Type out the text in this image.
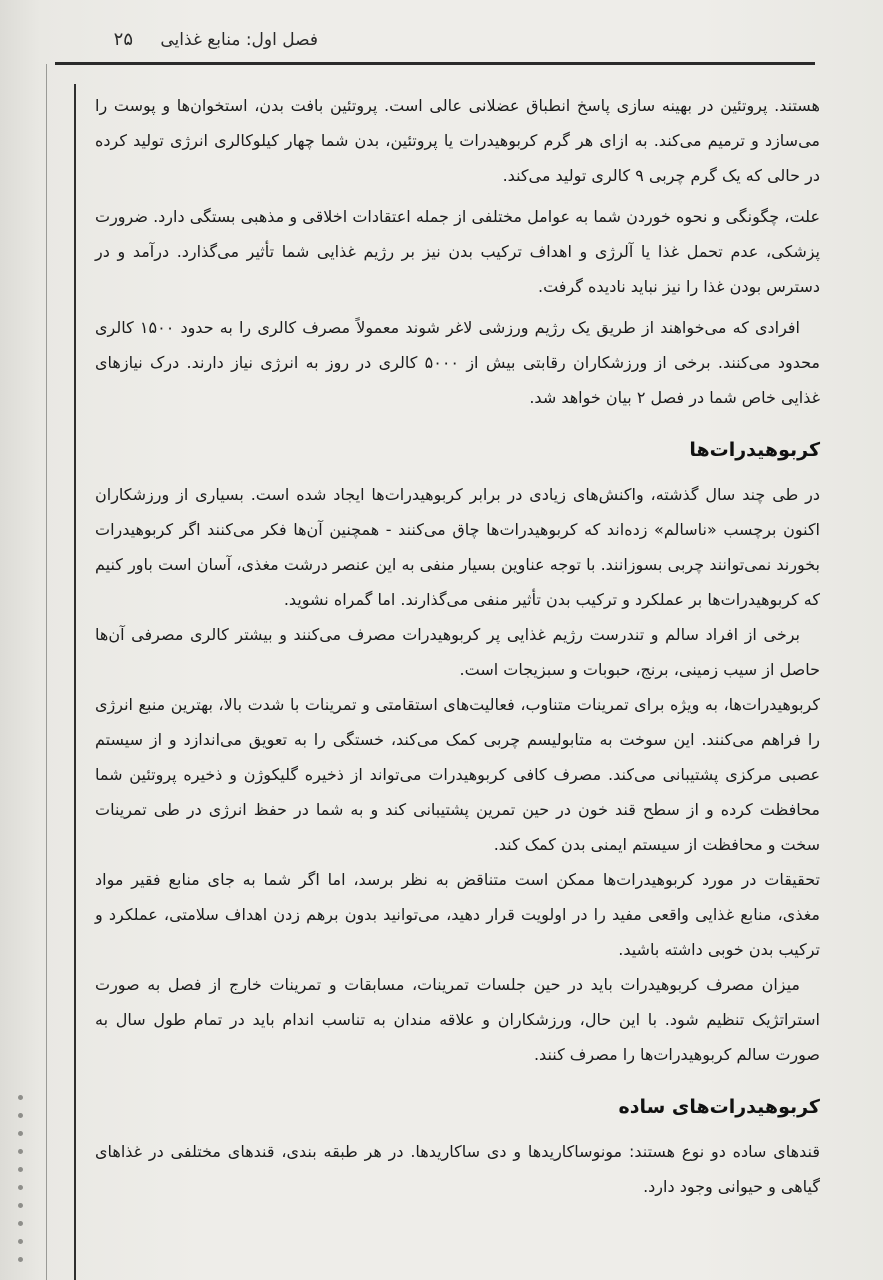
فصل اول: منابع غذایی
۲۵

هستند. پروتئین در بهینه سازی پاسخ انطباق عضلانی عالی است. پروتئین بافت بدن، استخوان‌ها و پوست را می‌سازد و ترمیم می‌کند. به ازای هر گرم کربوهیدرات یا پروتئین، بدن شما چهار کیلوکالری انرژی تولید کرده در حالی که یک گرم چربی ۹ کالری تولید می‌کند.

علت، چگونگی و نحوه خوردن شما به عوامل مختلفی از جمله اعتقادات اخلاقی و مذهبی بستگی دارد. ضرورت پزشکی، عدم تحمل غذا یا آلرژی و اهداف ترکیب بدن نیز بر رژیم غذایی شما تأثیر می‌گذارد. درآمد و در دسترس بودن غذا را نیز نباید نادیده گرفت.

افرادی که می‌خواهند از طریق یک رژیم ورزشی لاغر شوند معمولاً مصرف کالری را به حدود ۱۵۰۰ کالری محدود می‌کنند. برخی از ورزشکاران رقابتی بیش از ۵۰۰۰ کالری در روز به انرژی نیاز دارند. درک نیازهای غذایی خاص شما در فصل ۲ بیان خواهد شد.

کربوهیدرات‌ها

در طی چند سال گذشته، واکنش‌های زیادی در برابر کربوهیدرات‌ها ایجاد شده است. بسیاری از ورزشکاران اکنون برچسب «ناسالم» زده‌اند که کربوهیدرات‌ها چاق می‌کنند - همچنین آن‌ها فکر می‌کنند اگر کربوهیدرات بخورند نمی‌توانند چربی بسوزانند. با توجه عناوین بسیار منفی به این عنصر درشت مغذی، آسان است باور کنیم که کربوهیدرات‌ها بر عملکرد و ترکیب بدن تأثیر منفی می‌گذارند. اما گمراه نشوید.

برخی از افراد سالم و تندرست رژیم غذایی پر کربوهیدرات مصرف می‌کنند و بیشتر کالری مصرفی آن‌ها حاصل از سیب زمینی، برنج، حبوبات و سبزیجات است.

کربوهیدرات‌ها، به ویژه برای تمرینات متناوب، فعالیت‌های استقامتی و تمرینات با شدت بالا، بهترین منبع انرژی را فراهم می‌کنند. این سوخت به متابولیسم چربی کمک می‌کند، خستگی را به تعویق می‌اندازد و از سیستم عصبی مرکزی پشتیبانی می‌کند. مصرف کافی کربوهیدرات می‌تواند از ذخیره گلیکوژن و ذخیره پروتئین شما محافظت کرده و از سطح قند خون در حین تمرین پشتیبانی کند و به شما در حفظ انرژی در طی تمرینات سخت و محافظت از سیستم ایمنی بدن کمک کند.

تحقیقات در مورد کربوهیدرات‌ها ممکن است متناقض به نظر برسد، اما اگر شما به جای منابع فقیر مواد مغذی، منابع غذایی واقعی مفید را در اولویت قرار دهید، می‌توانید بدون برهم زدن اهداف سلامتی، عملکرد و ترکیب بدن خوبی داشته باشید.

میزان مصرف کربوهیدرات باید در حین جلسات تمرینات، مسابقات و تمرینات خارج از فصل به صورت استراتژیک تنظیم شود. با این حال، ورزشکاران و علاقه مندان به تناسب اندام باید در تمام طول سال به صورت سالم کربوهیدرات‌ها را مصرف کنند.

کربوهیدرات‌های ساده

قندهای ساده دو نوع هستند: مونوساکاریدها و دی ساکاریدها. در هر طبقه بندی، قندهای مختلفی در غذاهای گیاهی و حیوانی وجود دارد.
